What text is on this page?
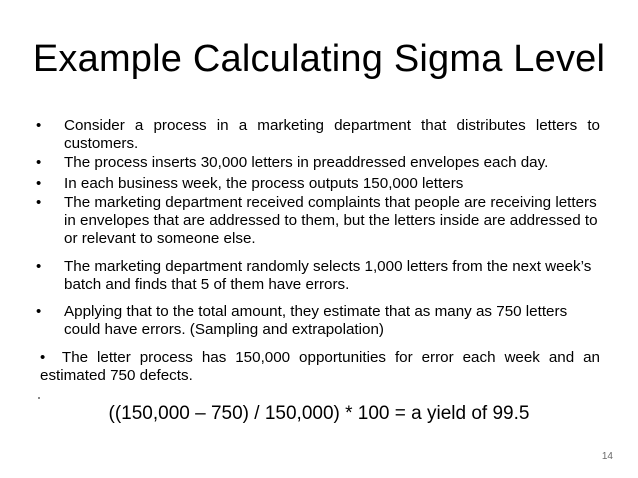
Example Calculating Sigma Level
• Consider a process in a marketing department that distributes letters to customers.
• The process inserts 30,000 letters in preaddressed envelopes each day.
• In each business week, the process outputs 150,000 letters
• The marketing department received complaints that people are receiving letters in envelopes that are addressed to them, but the letters inside are addressed to or relevant to someone else.
• The marketing department randomly selects 1,000 letters from the next week’s batch and finds that 5 of them have errors.
• Applying that to the total amount, they estimate that as many as 750 letters could have errors. (Sampling and extrapolation)
• The letter process has 150,000 opportunities for error each week and an estimated 750 defects.
((150,000 – 750) / 150,000) * 100 = a yield of 99.5
14
